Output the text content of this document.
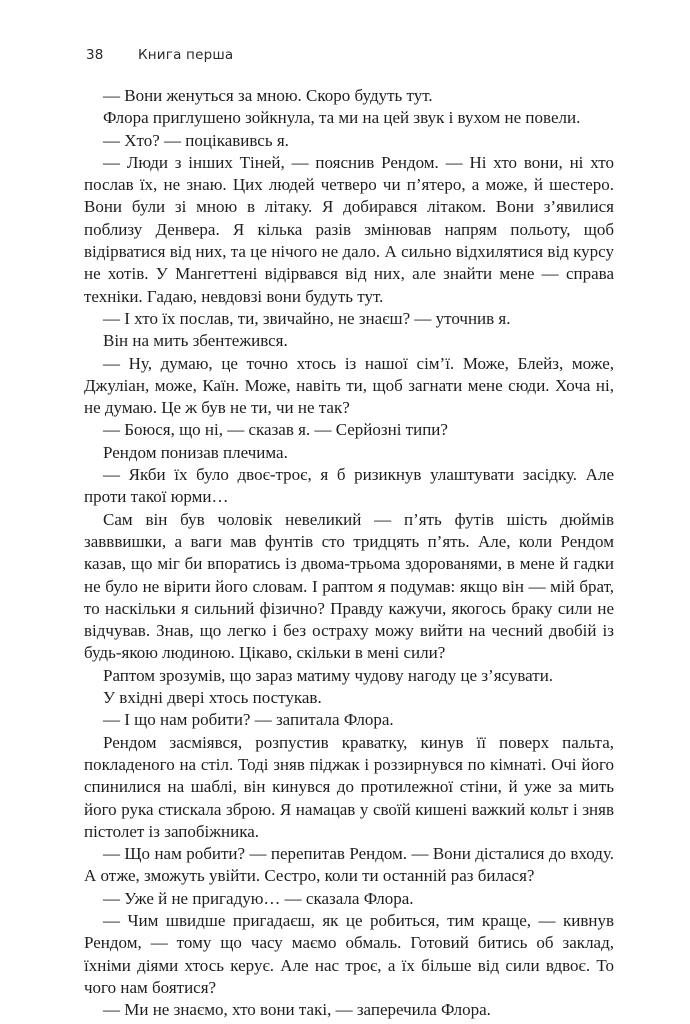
38	Книга перша

— Вони женуться за мною. Скоро будуть тут.

Флора приглушено зойкнула, та ми на цей звук і вухом не повели.

— Хто? — поцікавивсь я.

— Люди з інших Тіней, — пояснив Рендом. — Ні хто вони, ні хто послав їх, не знаю. Цих людей четверо чи п’ятеро, а може, й шестеро. Вони були зі мною в літаку. Я добирався літаком. Вони з’явилися поблизу Денвера. Я кілька разів змінював напрям польоту, щоб відірватися від них, та це нічого не дало. А сильно відхилятися від курсу не хотів. У Мангеттені відірвався від них, але знайти мене — справа техніки. Гадаю, невдовзі вони будуть тут.

— І хто їх послав, ти, звичайно, не знаєш? — уточнив я.

Він на мить збентежився.

— Ну, думаю, це точно хтось із нашої сім’ї. Може, Блейз, може, Джуліан, може, Каїн. Може, навіть ти, щоб загнати мене сюди. Хоча ні, не думаю. Це ж був не ти, чи не так?

— Боюся, що ні, — сказав я. — Серйозні типи?

Рендом понизав плечима.

— Якби їх було двоє-троє, я б ризикнув улаштувати засідку. Але проти такої юрми…

Сам він був чоловік невеликий — п’ять футів шість дюймів завввишки, а ваги мав фунтів сто тридцять п’ять. Але, коли Рендом казав, що міг би впоратись із двома-трьома здорованями, в мене й гадки не було не вірити його словам. І раптом я подумав: якщо він — мій брат, то наскільки я сильний фізично? Правду кажучи, якогось браку сили не відчував. Знав, що легко і без остраху можу вийти на чесний двобій із будь-якою людиною. Цікаво, скільки в мені сили?

Раптом зрозумів, що зараз матиму чудову нагоду це з’ясувати.

У вхідні двері хтось постукав.

— І що нам робити? — запитала Флора.

Рендом засміявся, розпустив краватку, кинув її поверх пальта, покладеного на стіл. Тоді зняв піджак і роззирнувся по кімнаті. Очі його спинилися на шаблі, він кинувся до протилежної стіни, й уже за мить його рука стискала зброю. Я намацав у своїй кишені важкий кольт і зняв пістолет із запобіжника.

— Що нам робити? — перепитав Рендом. — Вони дісталися до входу. А отже, зможуть увійти. Сестро, коли ти останній раз билася?

— Уже й не пригадую… — сказала Флора.

— Чим швидше пригадаєш, як це робиться, тим краще, — кивнув Рендом, — тому що часу маємо обмаль. Готовий битись об заклад, їхніми діями хтось керує. Але нас троє, а їх більше від сили вдвоє. То чого нам боятися?

— Ми не знаємо, хто вони такі, — заперечила Флора.
